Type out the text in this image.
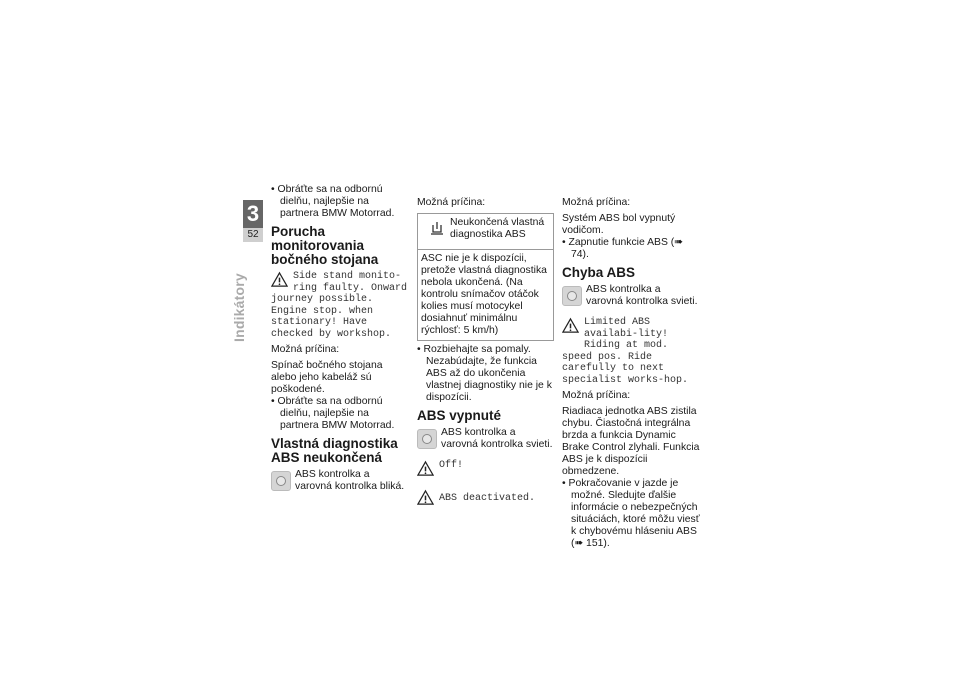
3
52
Indikátory
• Obráťte sa na odbornú dielňu, najlepšie na partnera BMW Motorrad.
Porucha monitorovania bočného stojana
Side stand monito-ring faulty. Onward
journey possible. Engine stop. when stationary! Have checked by workshop.
Možná príčina:
Spínač bočného stojana alebo jeho kabeláž sú poškodené.
• Obráťte sa na odbornú dielňu, najlepšie na partnera BMW Motorrad.
Vlastná diagnostika ABS neukončená
ABS kontrolka a varovná kontrolka bliká.
Možná príčina:
Neukončená vlastná diagnostika ABS
ASC nie je k dispozícii, pretože vlastná diagnostika nebola ukončená. (Na kontrolu snímačov otáčok kolies musí motocykel dosiahnuť minimálnu rýchlosť: 5 km/h)
• Rozbiehajte sa pomaly. Nezabúdajte, že funkcia ABS až do ukončenia vlastnej diagnostiky nie je k dispozícii.
ABS vypnuté
ABS kontrolka a varovná kontrolka svieti.
Off!
ABS deactivated.
Možná príčina:
Systém ABS bol vypnutý vodičom.
• Zapnutie funkcie ABS (➠ 74).
Chyba ABS
ABS kontrolka a varovná kontrolka svieti.
Limited ABS availabi-lity! Riding at mod.
speed pos. Ride carefully to next specialist works-hop.
Možná príčina:
Riadiaca jednotka ABS zistila chybu. Čiastočná integrálna brzda a funkcia Dynamic Brake Control zlyhali. Funkcia ABS je k dispozícii obmedzene.
• Pokračovanie v jazde je možné. Sledujte ďalšie informácie o nebezpečných situáciách, ktoré môžu viesť k chybovému hláseniu ABS (➠ 151).
